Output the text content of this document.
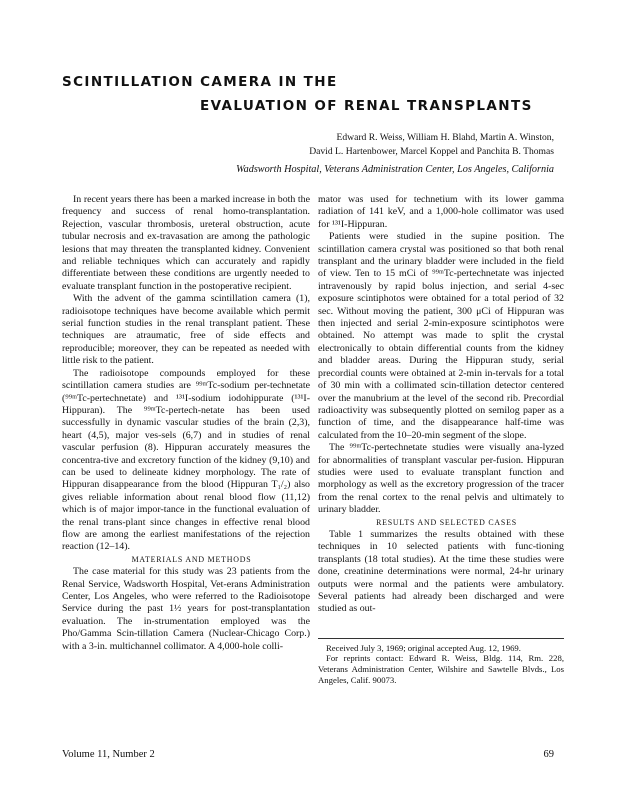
SCINTILLATION CAMERA IN THE
EVALUATION OF RENAL TRANSPLANTS
Edward R. Weiss, William H. Blahd, Martin A. Winston,
David L. Hartenbower, Marcel Koppel and Panchita B. Thomas
Wadsworth Hospital, Veterans Administration Center, Los Angeles, California

In recent years there has been a marked increase in both the frequency and success of renal homo-transplantation. Rejection, vascular thrombosis, ureteral obstruction, acute tubular necrosis and ex-travasation are among the pathologic lesions that may threaten the transplanted kidney. Convenient and reliable techniques which can accurately and rapidly differentiate between these conditions are urgently needed to evaluate transplant function in the postoperative recipient.

With the advent of the gamma scintillation camera (1), radioisotope techniques have become available which permit serial function studies in the renal transplant patient. These techniques are atraumatic, free of side effects and reproducible; moreover, they can be repeated as needed with little risk to the patient.

The radioisotope compounds employed for these scintillation camera studies are ⁹⁹ᵐTc-sodium per-technetate (⁹⁹ᵐTc-pertechnetate) and ¹³¹I-sodium iodohippurate (¹³¹I-Hippuran). The ⁹⁹ᵐTc-pertech-netate has been used successfully in dynamic vascular studies of the brain (2,3), heart (4,5), major ves-sels (6,7) and in studies of renal vascular perfusion (8). Hippuran accurately measures the concentra-tive and excretory function of the kidney (9,10) and can be used to delineate kidney morphology. The rate of Hippuran disappearance from the blood (Hippuran T₁/₂) also gives reliable information about renal blood flow (11,12) which is of major impor-tance in the functional evaluation of the renal trans-plant since changes in effective renal blood flow are among the earliest manifestations of the rejection reaction (12–14).

MATERIALS AND METHODS

The case material for this study was 23 patients from the Renal Service, Wadsworth Hospital, Vet-erans Administration Center, Los Angeles, who were referred to the Radioisotope Service during the past 1½ years for post-transplantation evaluation. The in-strumentation employed was the Pho/Gamma Scin-tillation Camera (Nuclear-Chicago Corp.) with a 3-in. multichannel collimator. A 4,000-hole colli-

mator was used for technetium with its lower gamma radiation of 141 keV, and a 1,000-hole collimator was used for ¹³¹I-Hippuran.

Patients were studied in the supine position. The scintillation camera crystal was positioned so that both renal transplant and the urinary bladder were included in the field of view. Ten to 15 mCi of ⁹⁹ᵐTc-pertechnetate was injected intravenously by rapid bolus injection, and serial 4-sec exposure scintiphotos were obtained for a total period of 32 sec. Without moving the patient, 300 μCi of Hippuran was then injected and serial 2-min-exposure scintiphotos were obtained. No attempt was made to split the crystal electronically to obtain differential counts from the kidney and bladder areas. During the Hippuran study, serial precordial counts were obtained at 2-min in-tervals for a total of 30 min with a collimated scin-tillation detector centered over the manubrium at the level of the second rib. Precordial radioactivity was subsequently plotted on semilog paper as a function of time, and the disappearance half-time was calculated from the 10–20-min segment of the slope.

The ⁹⁹ᵐTc-pertechnetate studies were visually ana-lyzed for abnormalities of transplant vascular per-fusion. Hippuran studies were used to evaluate transplant function and morphology as well as the excretory progression of the tracer from the renal cortex to the renal pelvis and ultimately to urinary bladder.

RESULTS AND SELECTED CASES

Table 1 summarizes the results obtained with these techniques in 10 selected patients with func-tioning transplants (18 total studies). At the time these studies were done, creatinine determinations were normal, 24-hr urinary outputs were normal and the patients were ambulatory. Several patients had already been discharged and were studied as out-

Received July 3, 1969; original accepted Aug. 12, 1969.

For reprints contact: Edward R. Weiss, Bldg. 114, Rm. 228, Veterans Administration Center, Wilshire and Sawtelle Blvds., Los Angeles, Calif. 90073.

Volume 11, Number 2	69
